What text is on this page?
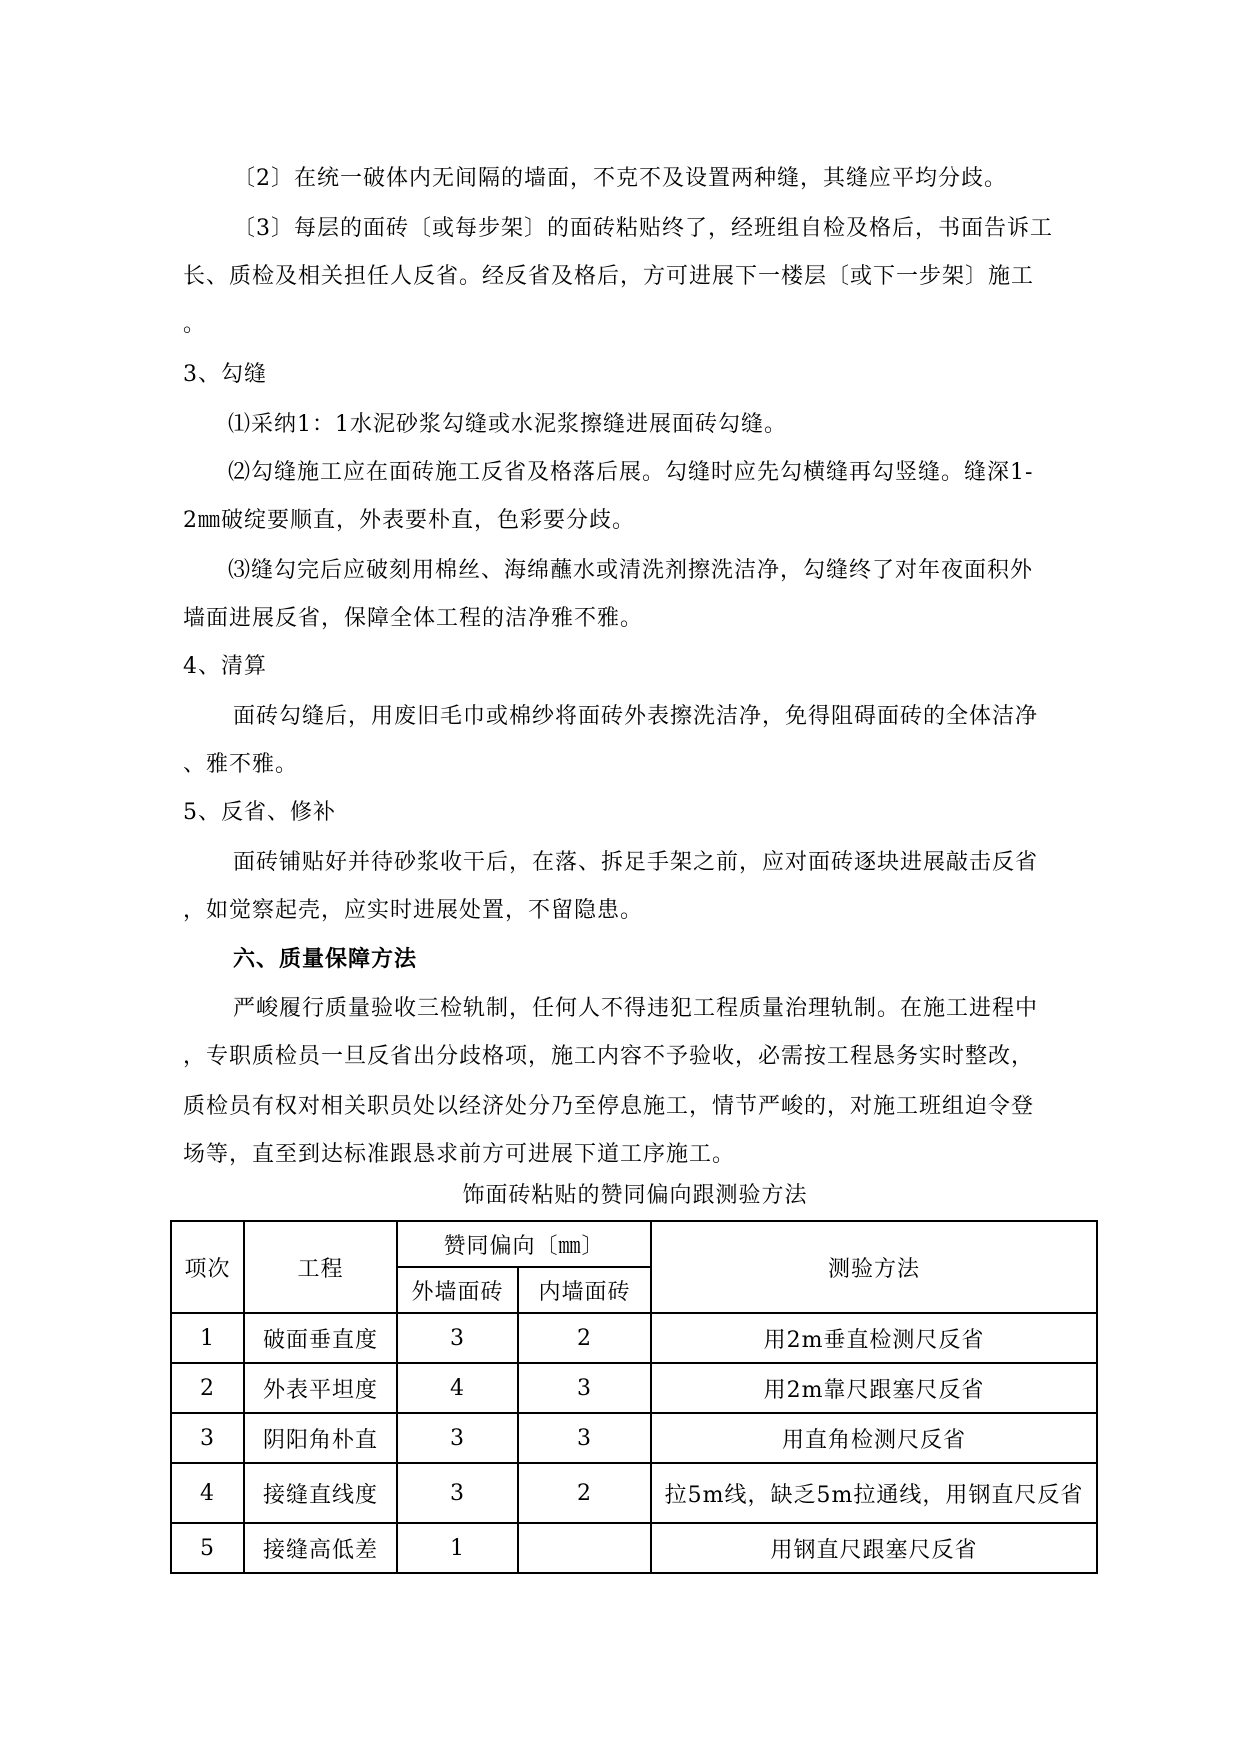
〔2〕在统一破体内无间隔的墙面，不克不及设置两种缝，其缝应平均分歧。
〔3〕每层的面砖〔或每步架〕的面砖粘贴终了，经班组自检及格后，书面告诉工
长、质检及相关担任人反省。经反省及格后，方可进展下一楼层〔或下一步架〕施工
。
3、勾缝
⑴采纳1：1水泥砂浆勾缝或水泥浆擦缝进展面砖勾缝。
⑵勾缝施工应在面砖施工反省及格落后展。勾缝时应先勾横缝再勾竖缝。缝深1-
2㎜破绽要顺直，外表要朴直，色彩要分歧。
⑶缝勾完后应破刻用棉丝、海绵蘸水或清洗剂擦洗洁净，勾缝终了对年夜面积外
墙面进展反省，保障全体工程的洁净雅不雅。
4、清算
面砖勾缝后，用废旧毛巾或棉纱将面砖外表擦洗洁净，免得阻碍面砖的全体洁净
、雅不雅。
5、反省、修补
面砖铺贴好并待砂浆收干后，在落、拆足手架之前，应对面砖逐块进展敲击反省
，如觉察起壳，应实时进展处置，不留隐患。
六、质量保障方法
严峻履行质量验收三检轨制，任何人不得违犯工程质量治理轨制。在施工进程中
，专职质检员一旦反省出分歧格项，施工内容不予验收，必需按工程恳务实时整改，
质检员有权对相关职员处以经济处分乃至停息施工，情节严峻的，对施工班组迫令登
场等，直至到达标准跟恳求前方可进展下道工序施工。
饰面砖粘贴的赞同偏向跟测验方法
项次	工程	赞同偏向〔㎜〕		测验方法
		外墙面砖	内墙面砖	
1	破面垂直度	3	2	用2m垂直检测尺反省
2	外表平坦度	4	3	用2m靠尺跟塞尺反省
3	阴阳角朴直	3	3	用直角检测尺反省
4	接缝直线度	3	2	拉5m线，缺乏5m拉通线，用钢直尺反省
5	接缝高低差	1		用钢直尺跟塞尺反省
